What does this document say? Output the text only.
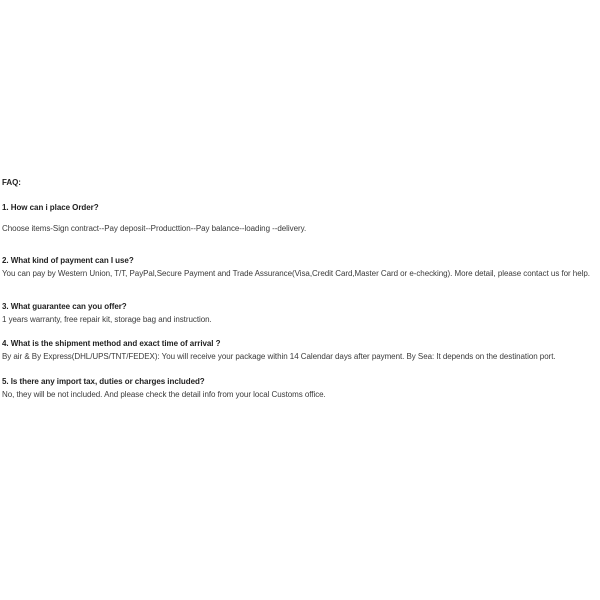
FAQ:
1. How can i place Order?
Choose items-Sign contract--Pay deposit--Producttion--Pay balance--loading --delivery.
2. What kind of payment can I use?
You can pay by Western Union, T/T, PayPal,Secure Payment and Trade Assurance(Visa,Credit Card,Master Card or e-checking). More detail, please contact us for help.
3. What guarantee can you offer?
1 years warranty, free repair kit, storage bag and instruction.
4. What is the shipment method and exact time of arrival ?
By air & By Express(DHL/UPS/TNT/FEDEX): You will receive your package within 14 Calendar days after payment. By Sea: It depends on the destination port.
5. Is there any import tax, duties or charges included?
No, they will be not included. And please check the detail info from your local Customs office.
